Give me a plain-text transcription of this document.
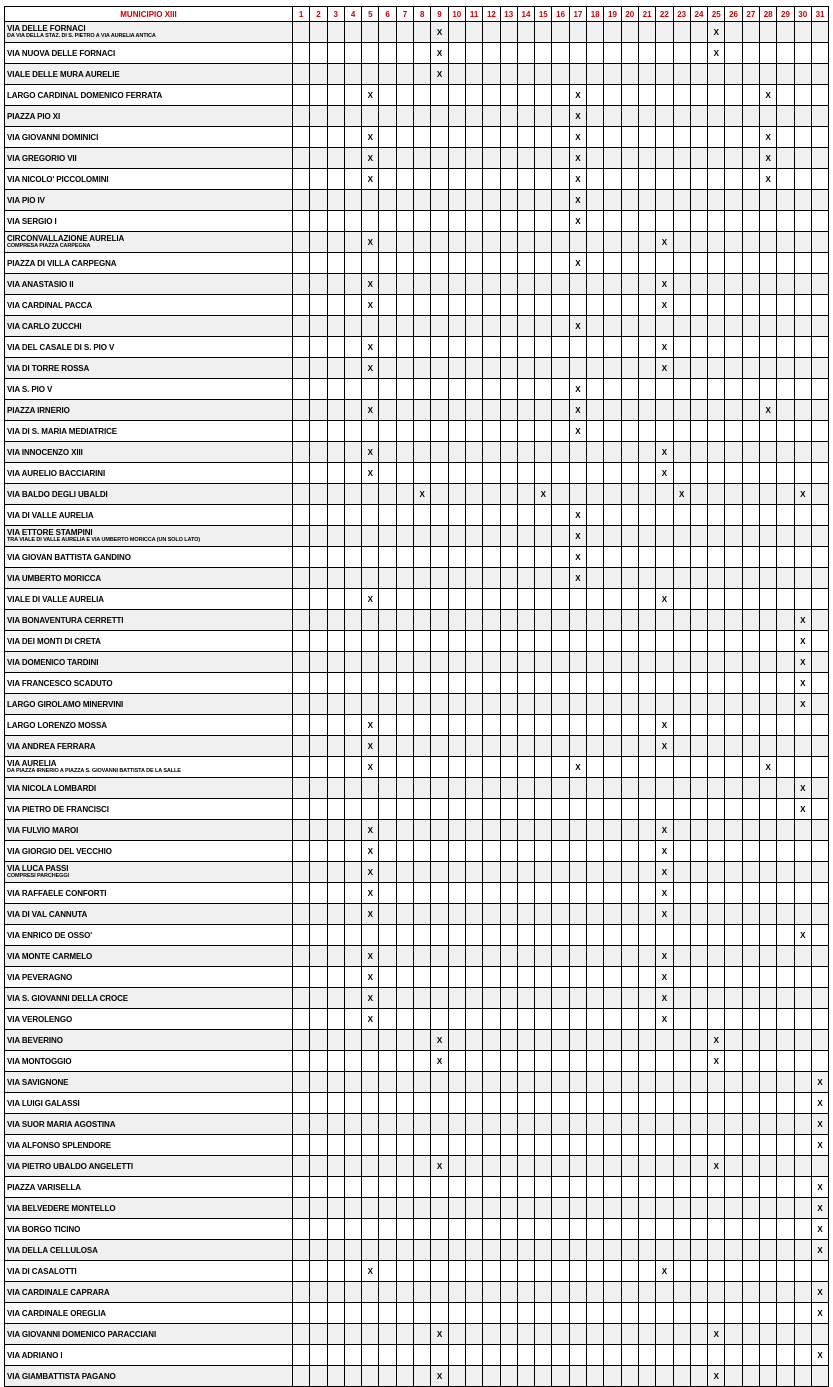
MUNICIPIO XIII	1	2	3	4	5	6	7	8	9	10	11	12	13	14	15	16	17	18	19	20	21	22	23	24	25	26	27	28	29	30	31

VIA DELLE FORNACI
DA VIA DELLA STAZ. DI S. PIETRO A VIA AURELIA ANTICA									X																X						

VIA NUOVA DELLE FORNACI									X																X						

VIALE DELLE MURA AURELIE									X																						

LARGO CARDINAL DOMENICO FERRATA					X												X											X			

PIAZZA PIO XI																	X														

VIA GIOVANNI DOMINICI					X												X											X			

VIA GREGORIO VII					X												X											X			

VIA NICOLO' PICCOLOMINI					X												X											X			

VIA PIO IV																	X														

VIA SERGIO I																	X														

CIRCONVALLAZIONE AURELIA
COMPRESA PIAZZA CARPEGNA					X																	X									

PIAZZA DI VILLA CARPEGNA																	X														

VIA ANASTASIO II					X																	X									

VIA CARDINAL PACCA					X																	X									

VIA CARLO ZUCCHI																	X														

VIA DEL CASALE DI S. PIO V					X																	X									

VIA DI TORRE ROSSA					X																	X									

VIA S. PIO V																	X														

PIAZZA IRNERIO					X												X											X			

VIA DI S. MARIA MEDIATRICE																	X														

VIA INNOCENZO XIII					X																	X									

VIA AURELIO BACCIARINI					X																	X									

VIA BALDO DEGLI UBALDI								X							X								X							X	

VIA DI VALLE AURELIA																	X														

VIA ETTORE STAMPINI
TRA VIALE DI VALLE AURELIA E VIA UMBERTO MORICCA (UN SOLO LATO)																	X														

VIA GIOVAN BATTISTA GANDINO																	X														

VIA UMBERTO MORICCA																	X														

VIALE DI VALLE AURELIA					X																	X									

VIA BONAVENTURA CERRETTI																														X	

VIA DEI MONTI DI CRETA																														X	

VIA DOMENICO TARDINI																														X	

VIA FRANCESCO SCADUTO																														X	

LARGO GIROLAMO MINERVINI																														X	

LARGO LORENZO MOSSA					X																	X									

VIA ANDREA FERRARA					X																	X									

VIA AURELIA
DA PIAZZA IRNERIO A PIAZZA S. GIOVANNI BATTISTA DE LA SALLE					X												X											X			

VIA NICOLA LOMBARDI																														X	

VIA PIETRO DE FRANCISCI																														X	

VIA FULVIO MAROI					X																	X									

VIA GIORGIO DEL VECCHIO					X																	X									

VIA LUCA PASSI
COMPRESI PARCHEGGI					X																	X									

VIA RAFFAELE CONFORTI					X																	X									

VIA DI VAL CANNUTA					X																	X									

VIA ENRICO DE OSSO'																														X	

VIA MONTE CARMELO					X																	X									

VIA PEVERAGNO					X																	X									

VIA S. GIOVANNI DELLA CROCE					X																	X									

VIA VEROLENGO					X																	X									

VIA BEVERINO									X																X						

VIA MONTOGGIO									X																X						

VIA SAVIGNONE																															X

VIA LUIGI GALASSI																															X

VIA SUOR MARIA AGOSTINA																															X

VIA ALFONSO SPLENDORE																															X

VIA PIETRO UBALDO ANGELETTI									X																X						

PIAZZA VARISELLA																															X

VIA BELVEDERE MONTELLO																															X

VIA BORGO TICINO																															X

VIA DELLA CELLULOSA																															X

VIA DI CASALOTTI					X																	X									

VIA CARDINALE CAPRARA																															X

VIA CARDINALE OREGLIA																															X

VIA GIOVANNI DOMENICO PARACCIANI									X																X						

VIA ADRIANO I																															X

VIA GIAMBATTISTA PAGANO									X																X						
